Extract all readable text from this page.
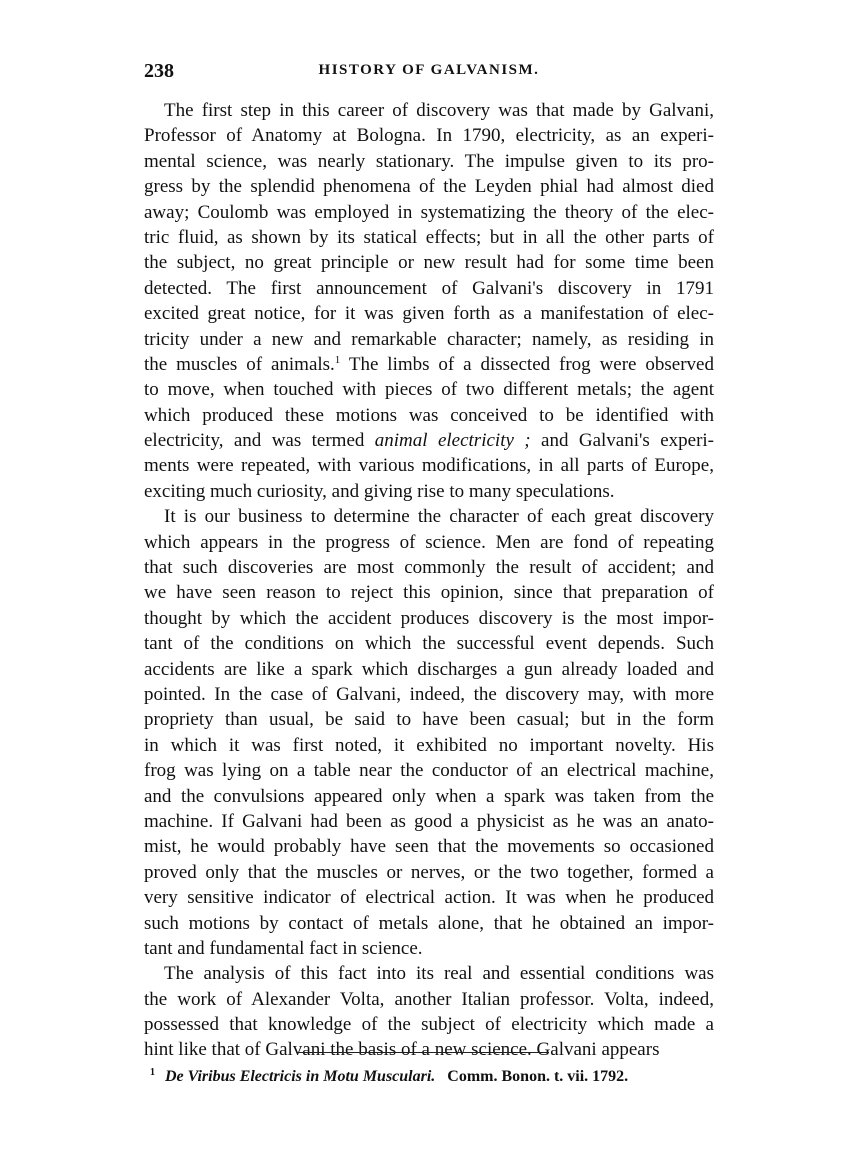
238	HISTORY OF GALVANISM.
The first step in this career of discovery was that made by Galvani,
Professor of Anatomy at Bologna. In 1790, electricity, as an experi-
mental science, was nearly stationary. The impulse given to its pro-
gress by the splendid phenomena of the Leyden phial had almost died
away; Coulomb was employed in systematizing the theory of the elec-
tric fluid, as shown by its statical effects; but in all the other parts of
the subject, no great principle or new result had for some time been
detected. The first announcement of Galvani's discovery in 1791
excited great notice, for it was given forth as a manifestation of elec-
tricity under a new and remarkable character; namely, as residing in
the muscles of animals.$^1$ The limbs of a dissected frog were observed
to move, when touched with pieces of two different metals; the agent
which produced these motions was conceived to be identified with
electricity, and was termed animal electricity ; and Galvani's experi-
ments were repeated, with various modifications, in all parts of Europe,
exciting much curiosity, and giving rise to many speculations.
It is our business to determine the character of each great discovery
which appears in the progress of science. Men are fond of repeating
that such discoveries are most commonly the result of accident; and
we have seen reason to reject this opinion, since that preparation of
thought by which the accident produces discovery is the most impor-
tant of the conditions on which the successful event depends. Such
accidents are like a spark which discharges a gun already loaded and
pointed. In the case of Galvani, indeed, the discovery may, with more
propriety than usual, be said to have been casual; but in the form
in which it was first noted, it exhibited no important novelty. His
frog was lying on a table near the conductor of an electrical machine,
and the convulsions appeared only when a spark was taken from the
machine. If Galvani had been as good a physicist as he was an anato-
mist, he would probably have seen that the movements so occasioned
proved only that the muscles or nerves, or the two together, formed a
very sensitive indicator of electrical action. It was when he produced
such motions by contact of metals alone, that he obtained an impor-
tant and fundamental fact in science.
The analysis of this fact into its real and essential conditions was
the work of Alexander Volta, another Italian professor. Volta, indeed,
possessed that knowledge of the subject of electricity which made a
hint like that of Galvani the basis of a new science. Galvani appears
$^1$ De Viribus Electricis in Motu Musculari. Comm. Bonon. t. vii. 1792.
